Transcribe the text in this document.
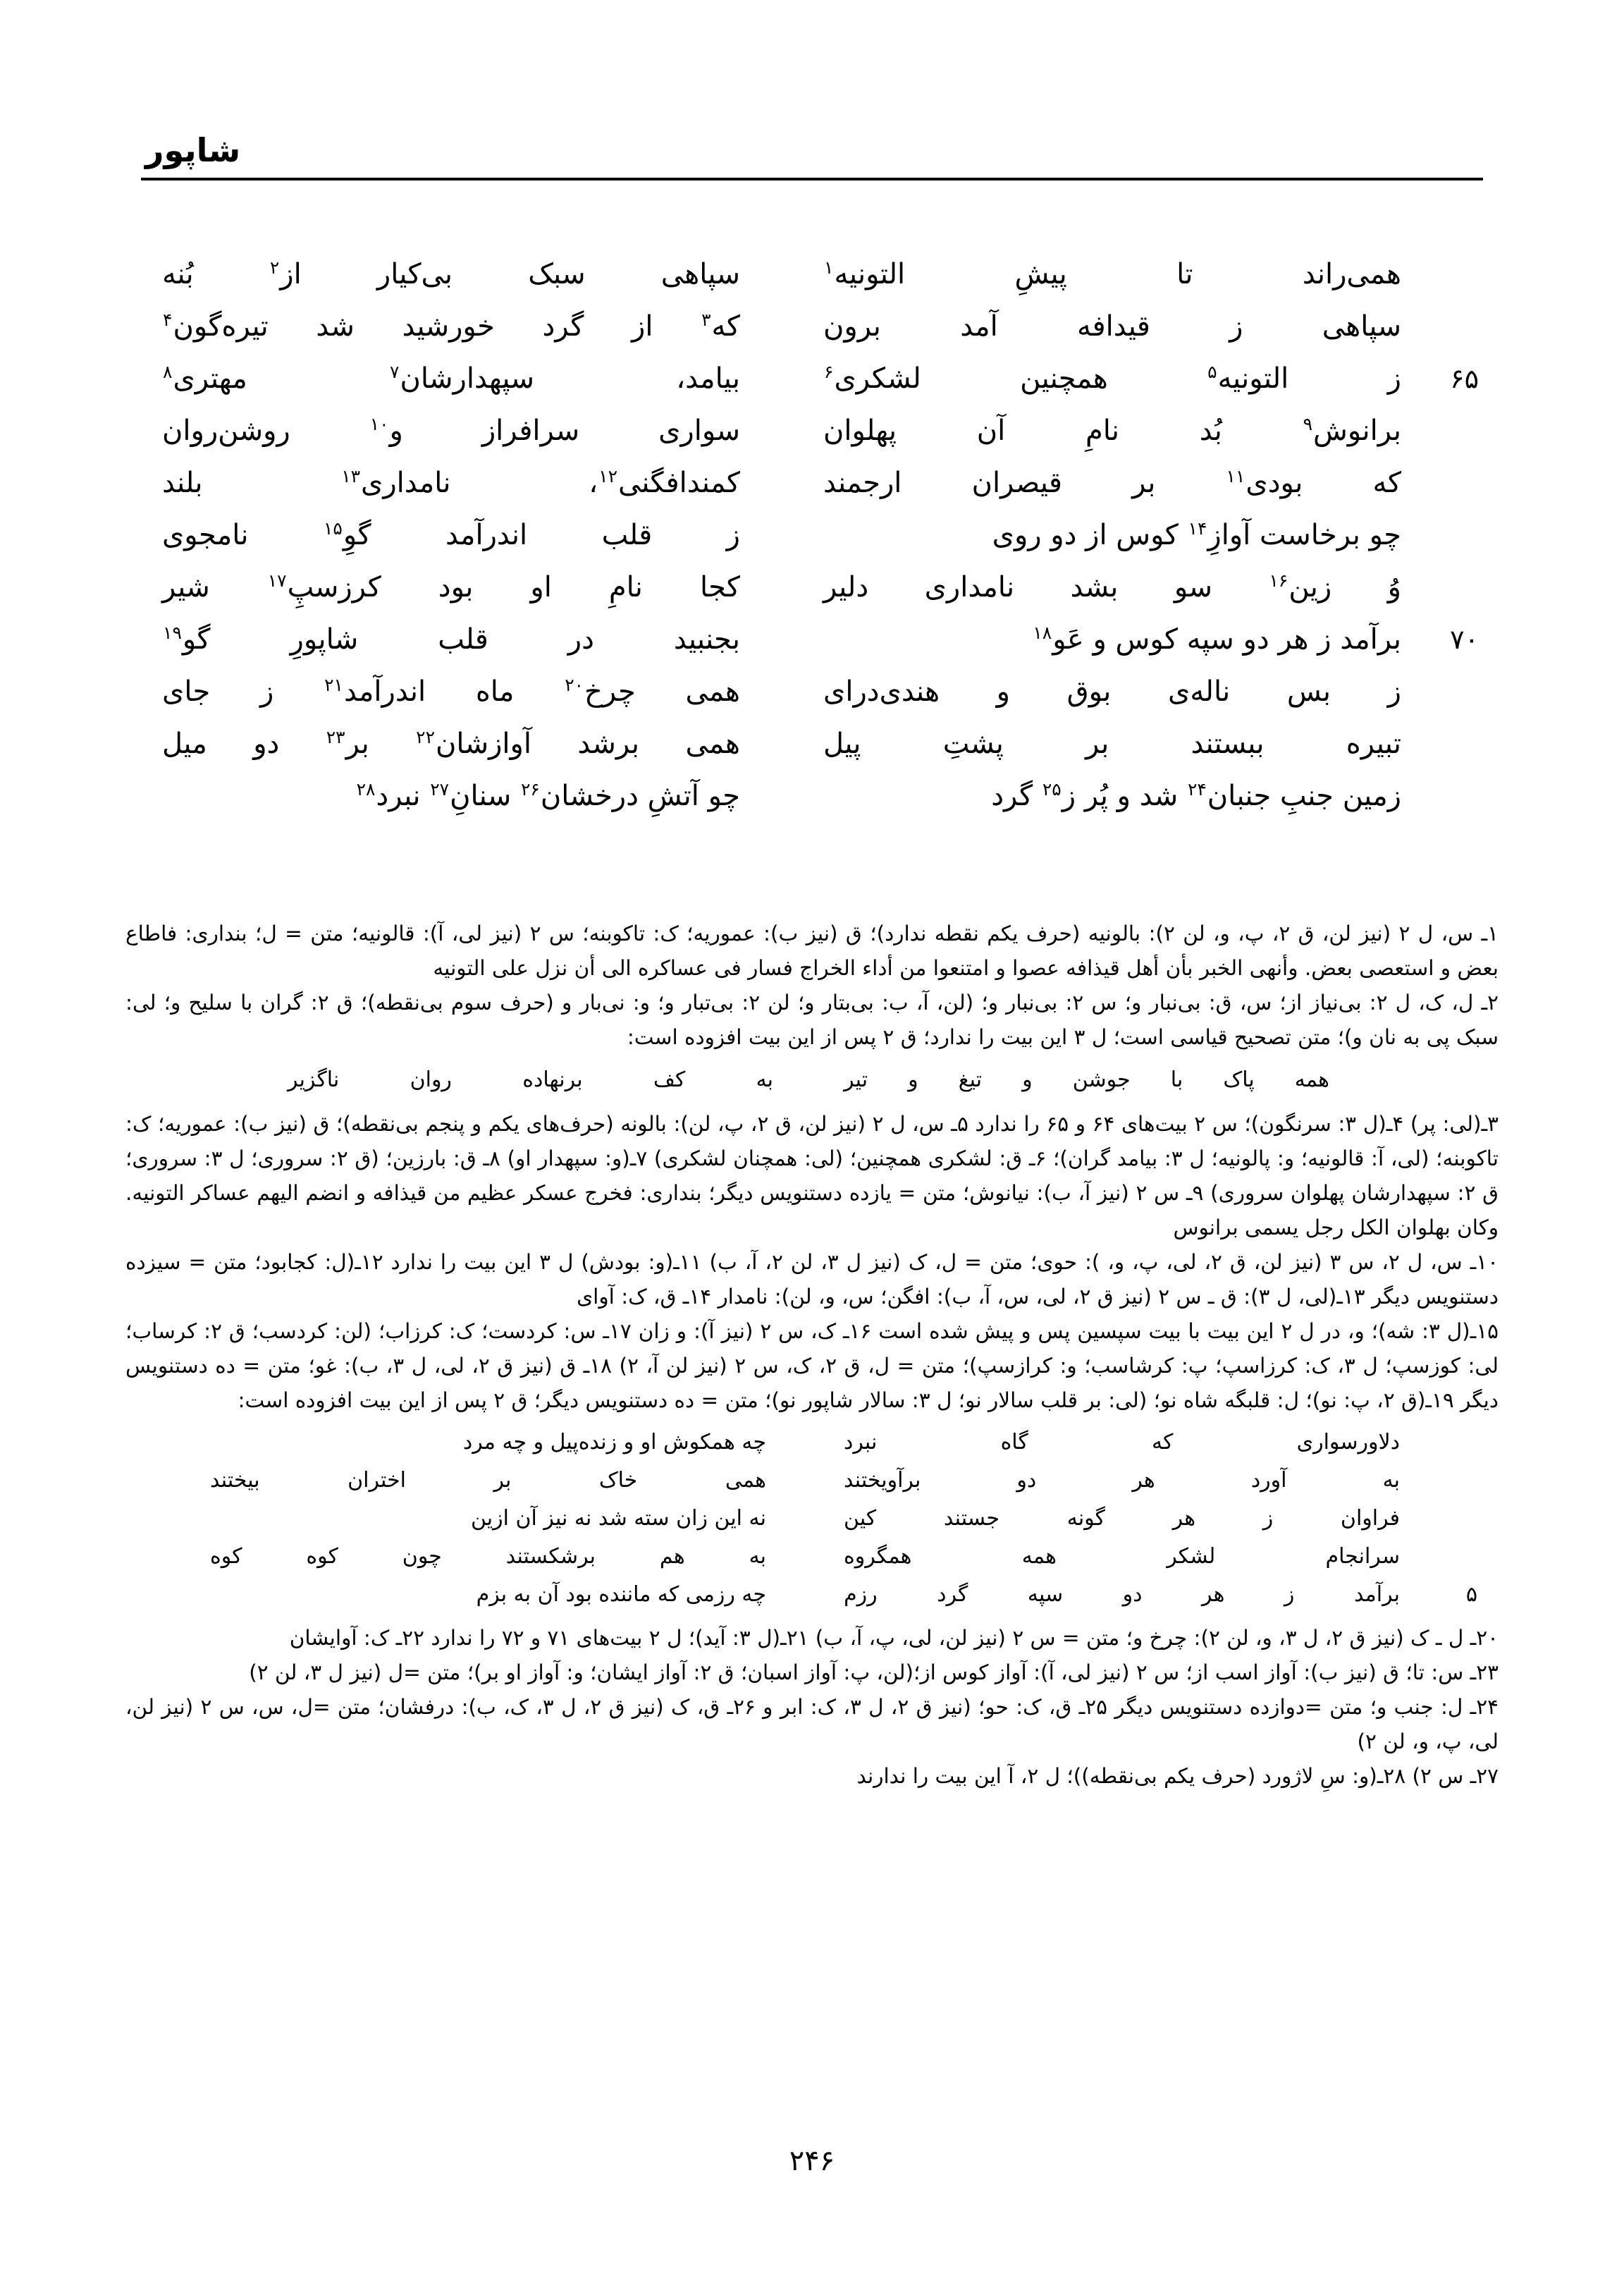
شاپور
همی‌راند
تا
پیشِ
التونیه$^۱$
سپاهی
سبک
بی‌کیار
از$^۲$
بُنه
سپاهی
ز
قیدافه
آمد
برون
که$^۳$
از
گرد
خورشید
شد
تیره‌گون$^۴$
۶۵
ز
التونیه$^۵$
همچنین
لشکری$^۶$
بیامد،
سپهدارشان$^۷$
مهتری$^۸$
برانوش$^۹$
بُد
نامِ
آن
پهلوان
سواری
سرافراز
و$^{۱۰}$
روشن‌روان
که
بودی$^{۱۱}$
بر
قیصران
ارجمند
کمندافگنی$^{۱۲}$،
نامداری$^{۱۳}$
بلند
چو برخاست آوازِ$^{۱۴}$ کوس از دو روی
ز
قلب
اندرآمد
گوِ$^{۱۵}$
نامجوی
وُ
زین$^{۱۶}$
سو
بشد
نامداری
دلیر
کجا
نامِ
او
بود
کرزسپِ$^{۱۷}$
شیر
۷۰
برآمد ز هر دو سپه کوس و عَو$^{۱۸}$
بجنبید
در
قلب
شاپورِ
گو$^{۱۹}$
ز
بس
ناله‌ی
بوق
و
هندی‌درای
همی
چرخ$^{۲۰}$
ماه
اندرآمد$^{۲۱}$
ز
جای
تبیره
ببستند
بر
پشتِ
پیل
همی
برشد
آوازشان$^{۲۲}$
بر$^{۲۳}$
دو
میل
زمین جنبِ جنبان$^{۲۴}$ شد و پُر ز$^{۲۵}$ گرد
چو آتشِ درخشان$^{۲۶}$ سنانِ$^{۲۷}$ نبرد$^{۲۸}$

۱ـ س، ل ۲ (نیز لن، ق ۲، پ، و، لن ۲): بالونیه (حرف یکم نقطه ندارد)؛ ق (نیز ب): عموریه؛ ک: تاکوبنه؛ س ۲ (نیز لی، آ): قالونیه؛ متن = ل؛ بنداری: فاطاع بعض و استعصی بعض. وأنهی الخبر بأن أهل قیذافه عصوا و امتنعوا من أداء الخراج فسار فی عساکره الی أن نزل علی التونیه

۲ـ ل، ک، ل ۲: بی‌نیاز از؛ س، ق: بی‌نبار و؛ س ۲: بی‌نبار و؛ (لن، آ، ب: بی‌بتار و؛ لن ۲: بی‌تبار و؛ و: نی‌بار و (حرف سوم بی‌نقطه)؛ ق ۲: گران با سلیح و؛ لی: سبک پی به نان و)؛ متن تصحیح قیاسی است؛ ل ۳ این بیت را ندارد؛ ق ۲ پس از این بیت افزوده است:

همه
پاک
با
جوشن
و
تیغ
و
تیر
به
کف
برنهاده
روان
ناگزیر

۳ـ(لی: پر) ۴ـ(ل ۳: سرنگون)؛ س ۲ بیت‌های ۶۴ و ۶۵ را ندارد ۵ـ س، ل ۲ (نیز لن، ق ۲، پ، لن): بالونه (حرف‌های یکم و پنجم بی‌نقطه)؛ ق (نیز ب): عموریه؛ ک: تاکوبنه؛ (لی، آ: قالونیه؛ و: پالونیه؛ ل ۳: بیامد گران)؛ ۶ـ ق: لشکری همچنین؛ (لی: همچنان لشکری) ۷ـ(و: سپهدار او) ۸ـ ق: بارزین؛ (ق ۲: سروری؛ ل ۳: سروری؛ ق ۲: سپهدارشان پهلوان سروری) ۹ـ س ۲ (نیز آ، ب): نیانوش؛ متن = یازده دستنویس دیگر؛ بنداری: فخرج عسکر عظیم من قیذافه و انضم الیهم عساکر التونیه. وکان بهلوان الکل رجل یسمی برانوس

۱۰ـ س، ل ۲، س ۳ (نیز لن، ق ۲، لی، پ، و، ): حوی؛ متن = ل، ک (نیز ل ۳، لن ۲، آ، ب) ۱۱ـ(و: بودش) ل ۳ این بیت را ندارد ۱۲ـ(ل: کجابود؛ متن = سیزده دستنویس دیگر ۱۳ـ(لی، ل ۳): ق ـ س ۲ (نیز ق ۲، لی، س، آ، ب): افگن؛ س، و، لن): نامدار ۱۴ـ ق، ک: آوای

۱۵ـ(ل ۳: شه)؛ و، در ل ۲ این بیت با بیت سپسین پس و پیش شده است ۱۶ـ ک، س ۲ (نیز آ): و زان ۱۷ـ س: کردست؛ ک: کرزاب؛ (لن: کردسب؛ ق ۲: کرساب؛ لی: کوزسپ؛ ل ۳، ک: کرزاسپ؛ پ: کرشاسب؛ و: کرازسپ)؛ متن = ل، ق ۲، ک، س ۲ (نیز لن آ، ۲) ۱۸ـ ق (نیز ق ۲، لی، ل ۳، ب): غو؛ متن = ده دستنویس دیگر ۱۹ـ(ق ۲، پ: نو)؛ ل: قلبگه شاه نو؛ (لی: بر قلب سالار نو؛ ل ۳: سالار شاپور نو)؛ متن = ده دستنویس دیگر؛ ق ۲ پس از این بیت افزوده است:

دلاورسواری
که
گاه
نبرد
چه همکوش او و زنده‌پیل و چه مرد
به
آورد
هر
دو
برآویختند
همی
خاک
بر
اختران
بیختند
فراوان
ز
هر
گونه
جستند
کین
نه این زان سته شد نه نیز آن ازین
سرانجام
لشکر
همه
همگروه
به
هم
برشکستند
چون
کوه
کوه
۵
برآمد
ز
هر
دو
سپه
گرد
رزم
چه رزمی که ماننده بود آن به بزم

۲۰ـ ل ـ ک (نیز ق ۲، ل ۳، و، لن ۲): چرخ و؛ متن = س ۲ (نیز لن، لی، پ، آ، ب) ۲۱ـ(ل ۳: آید)؛ ل ۲ بیت‌های ۷۱ و ۷۲ را ندارد ۲۲ـ ک: آوایشان

۲۳ـ س: تا؛ ق (نیز ب): آواز اسب از؛ س ۲ (نیز لی، آ): آواز کوس از؛(لن، پ: آواز اسبان؛ ق ۲: آواز ایشان؛ و: آواز او بر)؛ متن =ل (نیز ل ۳، لن ۲)

۲۴ـ ل: جنب و؛ متن =دوازده دستنویس دیگر ۲۵ـ ق، ک: حو؛ (نیز ق ۲، ل ۳، ک: ابر و ۲۶ـ ق، ک (نیز ق ۲، ل ۳، ک، ب): درفشان؛ متن =ل، س، س ۲ (نیز لن، لی، پ، و، لن ۲)

۲۷ـ س ۲) ۲۸ـ(و: سِ لاژورد (حرف یکم بی‌نقطه))؛ ل ۲، آ این بیت را ندارند

۲۴۶
